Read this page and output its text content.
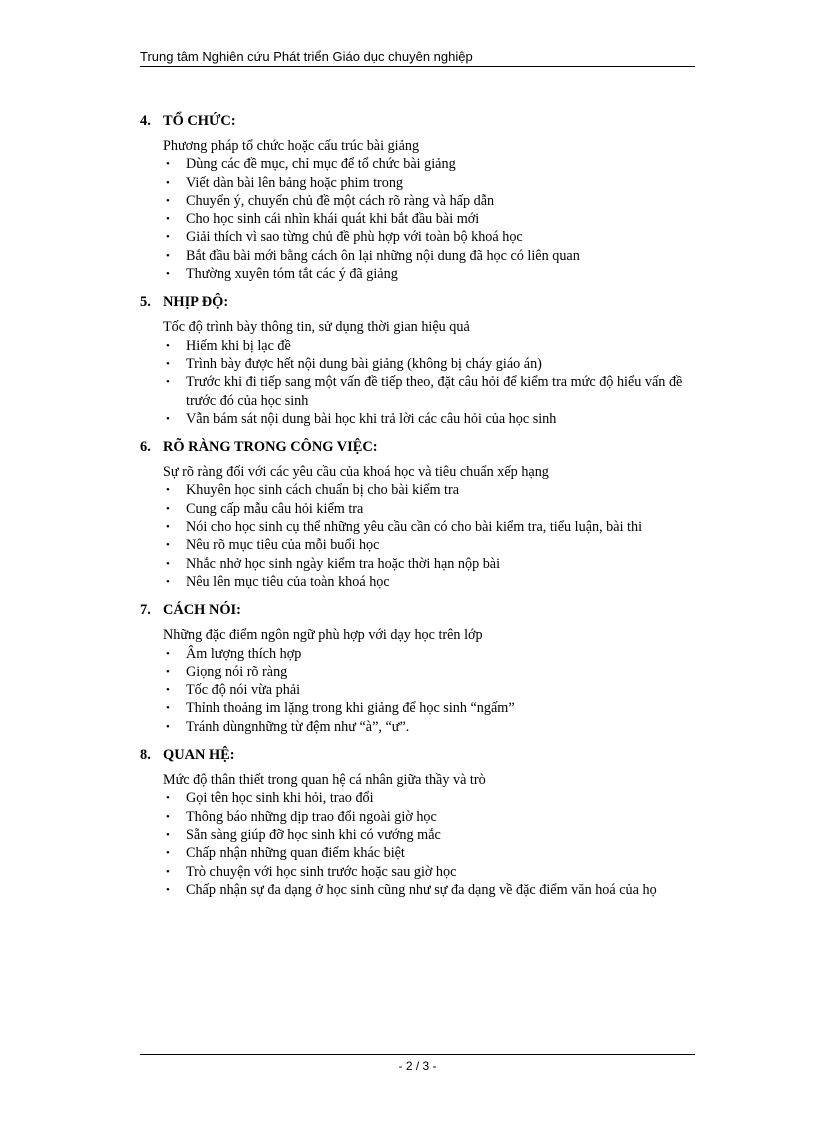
Trung tâm Nghiên cứu Phát triển Giáo dục chuyên nghiệp
4. TỔ CHỨC:
Phương pháp tổ chức hoặc cấu trúc bài giảng
• Dùng các đề mục, chỉ mục để tổ chức bài giảng
• Viết dàn bài lên bảng hoặc phim trong
• Chuyển ý, chuyển chủ đề một cách rõ ràng và hấp dẫn
• Cho học sinh cái nhìn khái quát khi bắt đầu bài mới
• Giải thích vì sao từng chủ đề phù hợp với toàn bộ khoá học
• Bắt đầu bài mới bằng cách ôn lại những nội dung đã học có liên quan
• Thường xuyên tóm tắt các ý đã giảng
5. NHỊP ĐỘ:
Tốc độ trình bày thông tin, sử dụng thời gian hiệu quả
• Hiếm khi bị lạc đề
• Trình bày được hết nội dung bài giảng (không bị cháy giáo án)
• Trước khi đi tiếp sang một vấn đề tiếp theo, đặt câu hỏi để kiểm tra mức độ hiểu vấn đề trước đó của học sinh
• Vẫn bám sát nội dung bài học khi trả lời các câu hỏi của học sinh
6. RÕ RÀNG TRONG CÔNG VIỆC:
Sự rõ ràng đối với các yêu cầu của khoá học và tiêu chuẩn xếp hạng
• Khuyên học sinh cách chuẩn bị cho bài kiểm tra
• Cung cấp mẫu câu hỏi kiểm tra
• Nói cho học sinh cụ thể những yêu cầu cần có cho bài kiểm tra, tiểu luận, bài thi
• Nêu rõ mục tiêu của mỗi buổi học
• Nhắc nhở học sinh ngày kiểm tra hoặc thời hạn nộp bài
• Nêu lên mục tiêu của toàn khoá học
7. CÁCH NÓI:
Những đặc điểm ngôn ngữ phù hợp với dạy học trên lớp
• Âm lượng thích hợp
• Giọng nói rõ ràng
• Tốc độ nói vừa phải
• Thỉnh thoảng im lặng trong khi giảng để học sinh “ngấm”
• Tránh dùngnhững từ đệm như “à”, “ư”.
8. QUAN HỆ:
Mức độ thân thiết trong quan hệ cá nhân giữa thầy và trò
• Gọi tên học sinh khi hỏi, trao đổi
• Thông báo những dịp trao đổi ngoài giờ học
• Sẵn sàng giúp đỡ học sinh khi có vướng mắc
• Chấp nhận những quan điểm khác biệt
• Trò chuyện với học sinh trước hoặc sau giờ học
• Chấp nhận sự đa dạng ở học sinh cũng như sự đa dạng về đặc điểm văn hoá của họ
- 2 / 3 -
